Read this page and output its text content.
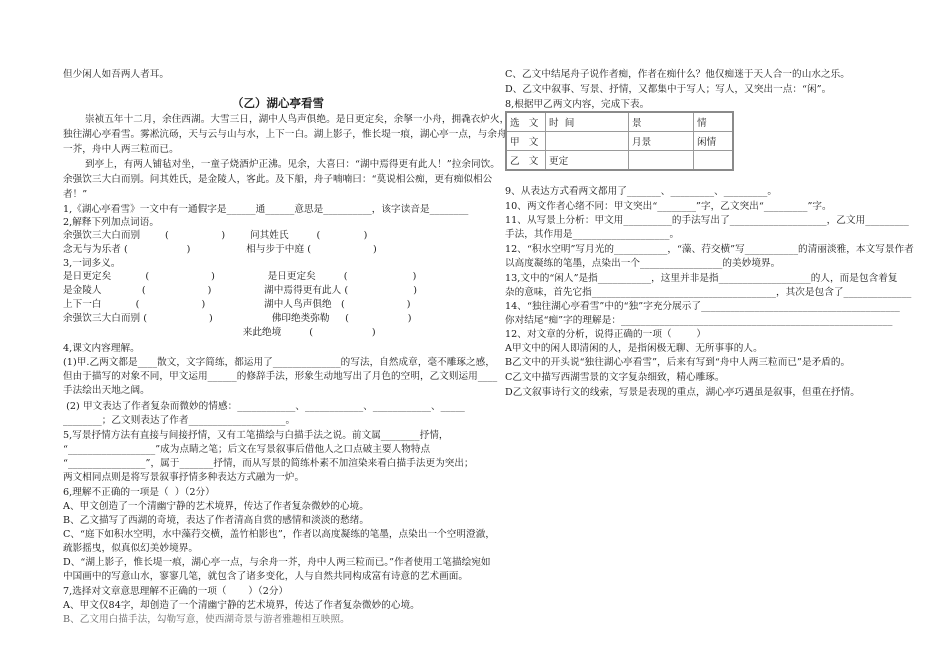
但少闲人如吾两人者耳。
（乙）湖心亭看雪
崇祯五年十二月，余住西湖。大雪三日，湖中人鸟声俱绝。是日更定矣，余拏一小舟，拥毳衣炉火，
独往湖心亭看雪。雾凇沆砀，天与云与山与水，上下一白。湖上影子，惟长堤一痕，湖心亭一点，与余舟
一芥，舟中人两三粒而已。
到亭上，有两人铺毡对坐，一童子烧酒炉正沸。见余，大喜曰：“湖中焉得更有此人！”拉余同饮。
余强饮三大白而别。问其姓氏，是金陵人，客此。及下船，舟子喃喃曰：“莫说相公痴，更有痴似相公
者！”
1,《湖心亭看雪》一文中有一通假字是______通______意思是__________，该字读音是________
2,解释下列加点词语。
余强饮三大白而别        (                 )        问其姓氏         (              )
念无与为乐者 (                   )                  相与步于中庭 (                    )
3,一词多义。
是日更定矣           (                    )                 是日更定矣         (                     )
是金陵人             (                    )                 湖中焉得更有此人 (                     )
上下一白           (                    )                   湖中人鸟声俱绝   (                    )
余强饮三大白而别 (                    )                   佛印绝类弥勒     (                   )
来此绝境         (                   )
4,课文内容理解。
(1)甲.乙两文都是____散文，文字简练，都运用了______________的写法，自然成章，毫不雕琢之感，
但由于描写的对象不同，甲文运用______的修辞手法，形象生动地写出了月色的空明，乙文则运用____
手法绘出天地之阔。
(2) 甲文表达了作者复杂而微妙的情感：____________、____________、____________、_____
________；乙文则表达了作者____________________。
5,写景抒情方法有直接与间接抒情，又有工笔描绘与白描手法之说。前文属________抒情，
“__________________”成为点睛之笔；后文在写景叙事后借他人之口点破主要人物特点
“________________”，属于_______抒情，而从写景的简练朴素不加渲染来看白描手法更为突出；
两文相同点则是将写景叙事抒情多种表达方式融为一炉。
6,理解不正确的一项是（  ）（2分）
A、甲文创造了一个清幽宁静的艺术境界，传达了作者复杂微妙的心境。
B、乙文描写了西湖的奇境，表达了作者清高自赏的感情和淡淡的愁绪。
C、“庭下如积水空明，水中藻荇交横，盖竹柏影也”，作者以高度凝练的笔墨，点染出一个空明澄澈，
疏影摇曳，似真似幻美妙境界。
D、“湖上影子，惟长堤一痕，湖心亭一点，与余舟一芥，舟中人两三粒而已。”作者使用工笔描绘宛如
中国画中的写意山水，寥寥几笔，就包含了诸多变化，人与自然共同构成富有诗意的艺术画面。
7,选择对文章意思理解不正确的一项（       ）（2分）
A、甲文仅84字，却创造了一个清幽宁静的艺术境界，传达了作者复杂微妙的心境。
B、乙文用白描手法，勾勒写意，使西湖奇景与游者雅趣相互映照。
C、乙文中结尾舟子说作者痴，作者在痴什么？他仅痴迷于天人合一的山水之乐。
D、乙文中叙事、写景、抒情，又都集中于写人；写人，又突出一点：“闲”。
8,根据甲乙两文内容，完成下表。
选   文	时  间	景	情
甲   文		月景	闲情
乙   文	更定		
9、从表达方式看两文都用了_______、_________、_________。
10、两文作者心绪不同：甲文突出“________”字，乙文突出“_________”字。
11、从写景上分析：甲文用__________的手法写出了____________________，乙文用_________
手法，其作用是____________________。
12、“积水空明”写月光的___________，“藻、荇交横”写___________的清丽淡雅，本文写景作者
以高度凝练的笔墨，点染出一个_________________的美妙境界。
13,文中的“闲人”是指___________，这里并非是指___________________的人，而是包含着复
杂的意味，首先它指______________________________________，其次是包含了______________
14、“独往湖心亭看雪”中的“独”字充分展示了_________________________________________
你对结尾“痴”字的理解是：________________________________________________________
12、对文章的分析，说得正确的一项（        ）
A甲文中的闲人即清闲的人，是指闲极无聊、无所事事的人。
B乙文中的开头说“独往湖心亭看雪”，后来有写到“舟中人两三粒而已”是矛盾的。
C乙文中描写西湖雪景的文字复杂细致，精心雕琢。
D乙文叙事诗行文的线索，写景是表现的重点，湖心亭巧遇虽是叙事，但重在抒情。
